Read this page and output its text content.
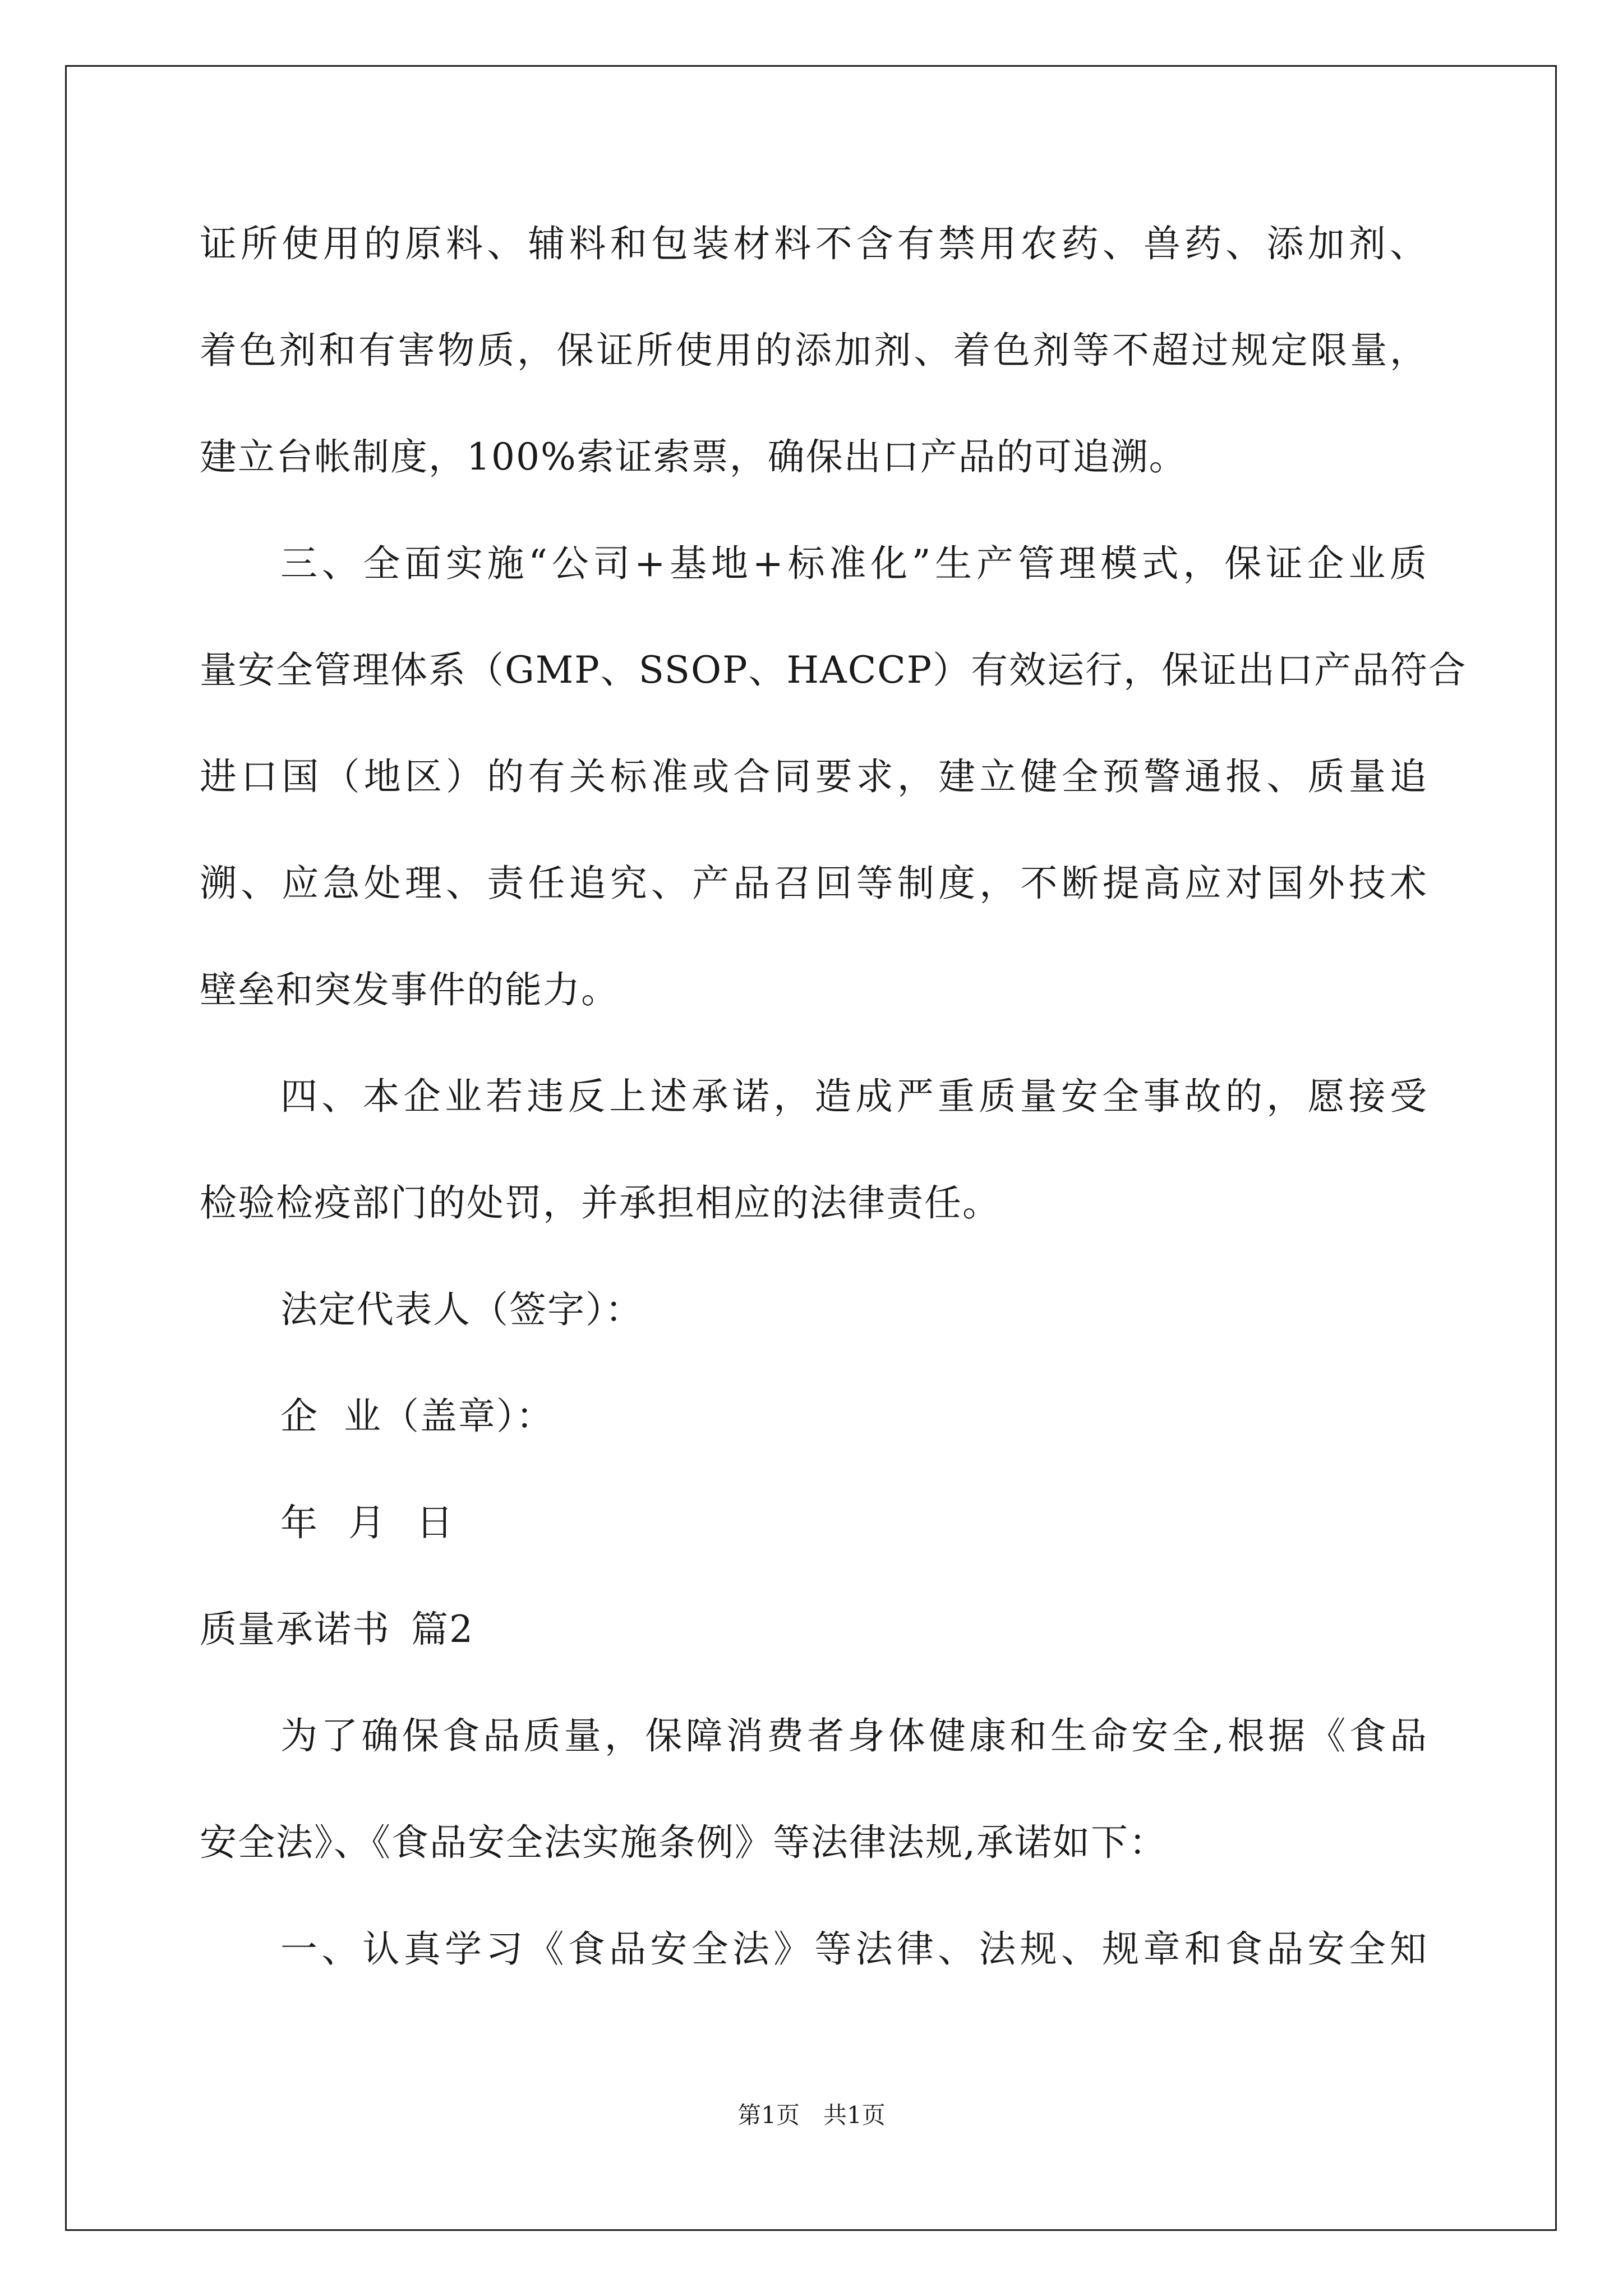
证所使用的原料、辅料和包装材料不含有禁用农药、兽药、添加剂、
着色剂和有害物质，保证所使用的添加剂、着色剂等不超过规定限量，
建立台帐制度，100%索证索票，确保出口产品的可追溯。
三、全面实施“公司+基地+标准化”生产管理模式，保证企业质
量安全管理体系（GMP、SSOP、HACCP）有效运行，保证出口产品符合
进口国（地区）的有关标准或合同要求，建立健全预警通报、质量追
溯、应急处理、责任追究、产品召回等制度，不断提高应对国外技术
壁垒和突发事件的能力。
四、本企业若违反上述承诺，造成严重质量安全事故的，愿接受
检验检疫部门的处罚，并承担相应的法律责任。
法定代表人（签字）：
企 业（盖章）：
年 月 日
质量承诺书 篇2
为了确保食品质量，保障消费者身体健康和生命安全,根据《食品
安全法》、《食品安全法实施条例》等法律法规,承诺如下：
一、认真学习《食品安全法》等法律、法规、规章和食品安全知
第1页　共1页
